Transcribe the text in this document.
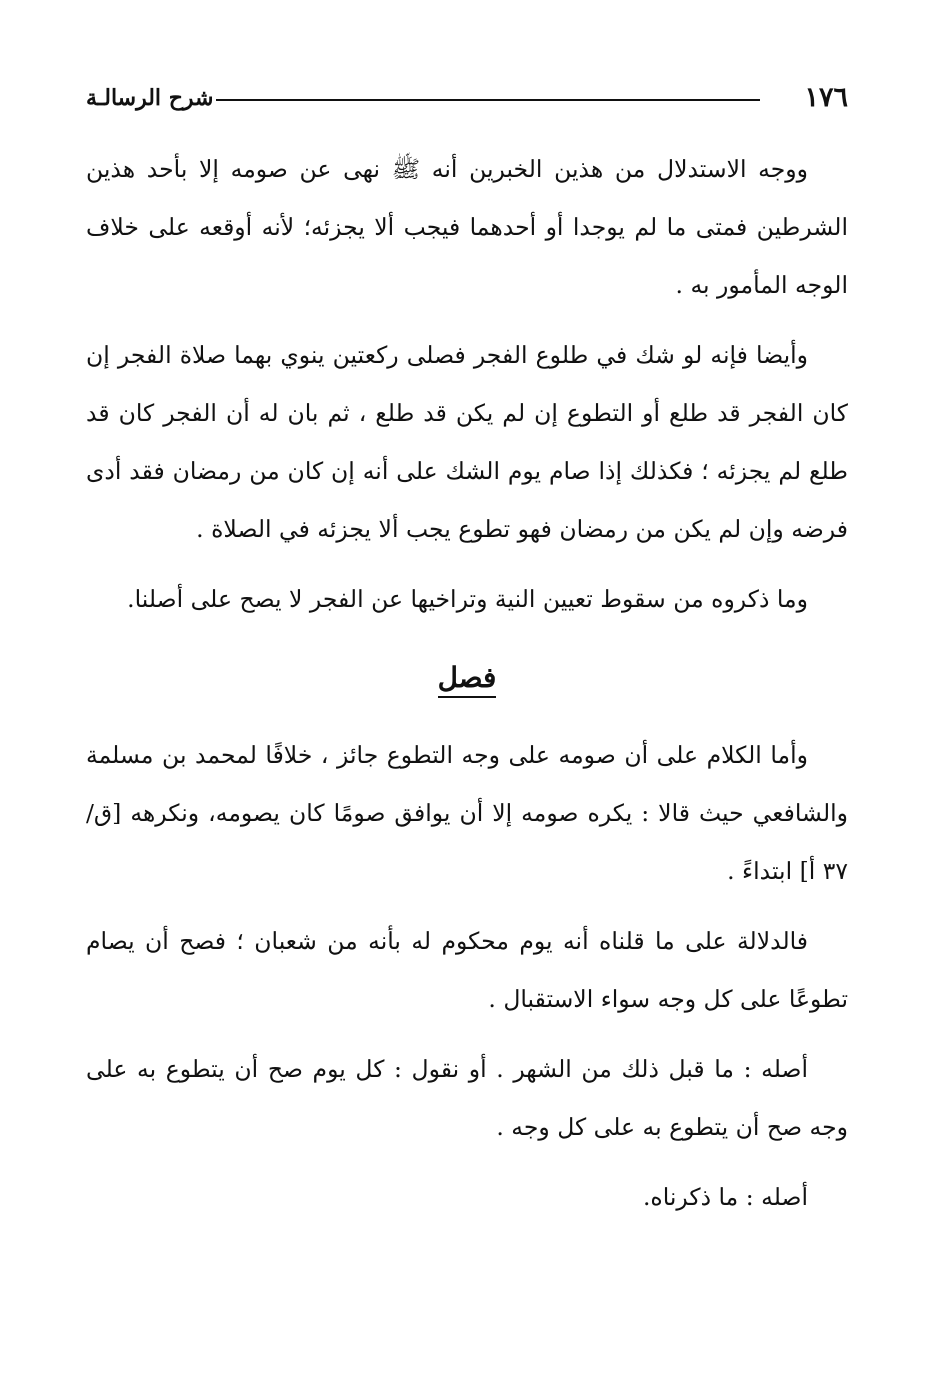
١٧٦
شرح الرسالـة

ووجه الاستدلال من هذين الخبرين أنه ﷺ نهى عن صومه إلا بأحد هذين الشرطين فمتى ما لم يوجدا أو أحدهما فيجب ألا يجزئه؛ لأنه أوقعه على خلاف الوجه المأمور به .

وأيضا فإنه لو شك في طلوع الفجر فصلى ركعتين ينوي بهما صلاة الفجر إن كان الفجر قد طلع أو التطوع إن لم يكن قد طلع ، ثم بان له أن الفجر كان قد طلع لم يجزئه ؛ فكذلك إذا صام يوم الشك على أنه إن كان من رمضان فقد أدى فرضه وإن لم يكن من رمضان فهو تطوع يجب ألا يجزئه في الصلاة .

وما ذكروه من سقوط تعيين النية وتراخيها عن الفجر لا يصح على أصلنا.

فصل

وأما الكلام على أن صومه على وجه التطوع جائز ، خلافًا لمحمد بن مسلمة والشافعي حيث قالا : يكره صومه إلا أن يوافق صومًا كان يصومه، ونكرهه [ق/ ٣٧ أ] ابتداءً .

فالدلالة على ما قلناه أنه يوم محكوم له بأنه من شعبان ؛ فصح أن يصام تطوعًا على كل وجه سواء الاستقبال .

أصله : ما قبل ذلك من الشهر . أو نقول : كل يوم صح أن يتطوع به على وجه صح أن يتطوع به على كل وجه .

أصله : ما ذكرناه.
